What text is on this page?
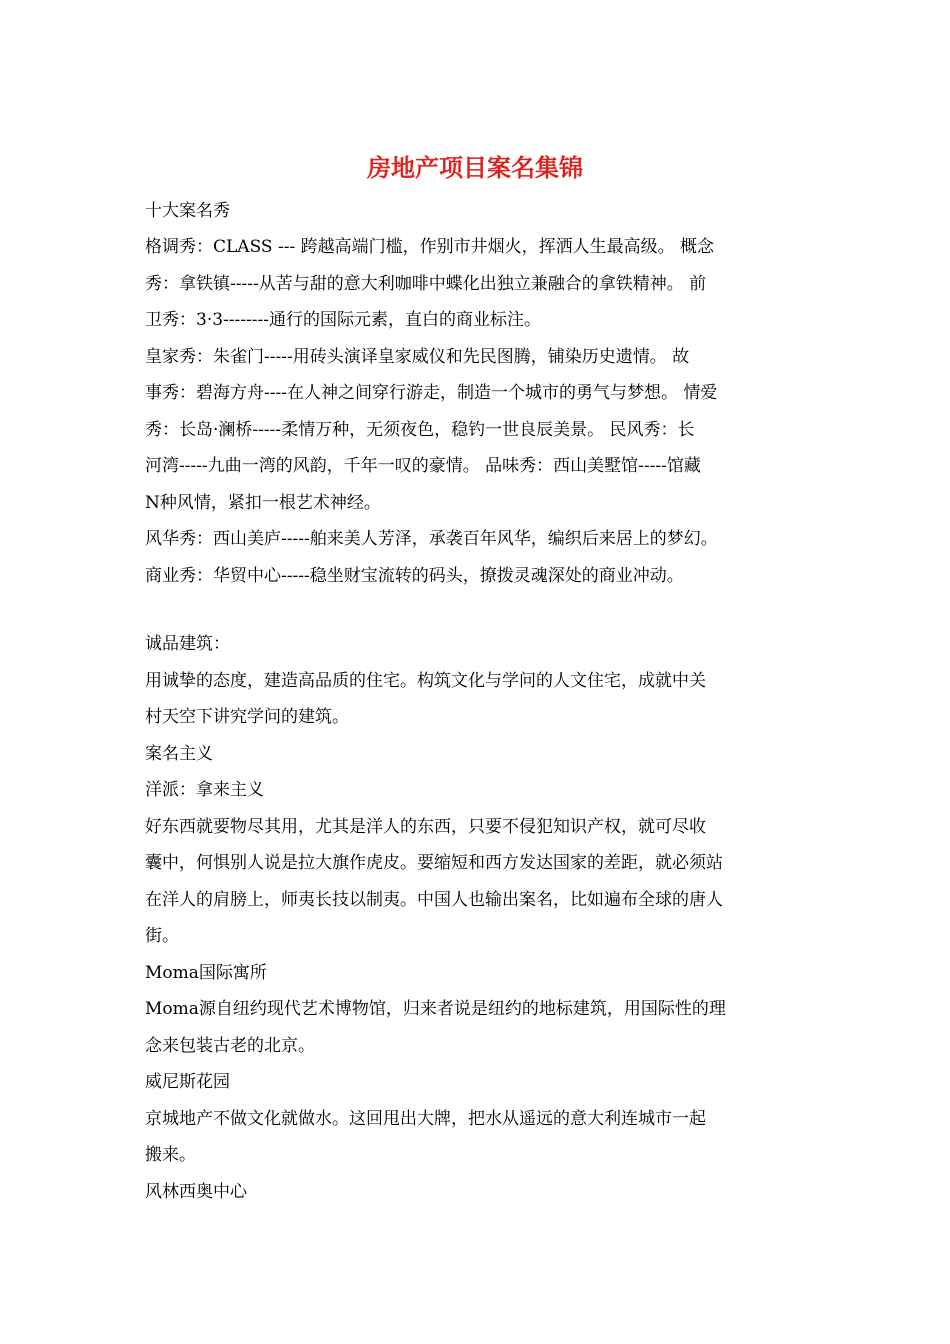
房地产项目案名集锦
十大案名秀
格调秀：CLASS --- 跨越高端门槛，作别市井烟火，挥洒人生最高级。 概念
秀：拿铁镇-----从苦与甜的意大利咖啡中蝶化出独立兼融合的拿铁精神。 前
卫秀：3·3--------通行的国际元素，直白的商业标注。
皇家秀：朱雀门-----用砖头演译皇家威仪和先民图腾，铺染历史遗情。 故
事秀：碧海方舟----在人神之间穿行游走，制造一个城市的勇气与梦想。 情爱
秀：长岛·澜桥-----柔情万种，无须夜色，稳钓一世良辰美景。 民风秀：长
河湾-----九曲一湾的风韵，千年一叹的豪情。 品味秀：西山美墅馆-----馆藏
N种风情，紧扣一根艺术神经。
风华秀：西山美庐-----舶来美人芳泽，承袭百年风华，编织后来居上的梦幻。
商业秀：华贸中心-----稳坐财宝流转的码头，撩拨灵魂深处的商业冲动。
诚品建筑：
用诚挚的态度，建造高品质的住宅。构筑文化与学问的人文住宅，成就中关
村天空下讲究学问的建筑。
案名主义
洋派：拿来主义
好东西就要物尽其用，尤其是洋人的东西，只要不侵犯知识产权，就可尽收
囊中，何惧别人说是拉大旗作虎皮。要缩短和西方发达国家的差距，就必须站
在洋人的肩膀上，师夷长技以制夷。中国人也输出案名，比如遍布全球的唐人
街。
Moma国际寓所
Moma源自纽约现代艺术博物馆，归来者说是纽约的地标建筑，用国际性的理
念来包装古老的北京。
威尼斯花园
京城地产不做文化就做水。这回甩出大牌，把水从遥远的意大利连城市一起
搬来。
风林西奥中心
